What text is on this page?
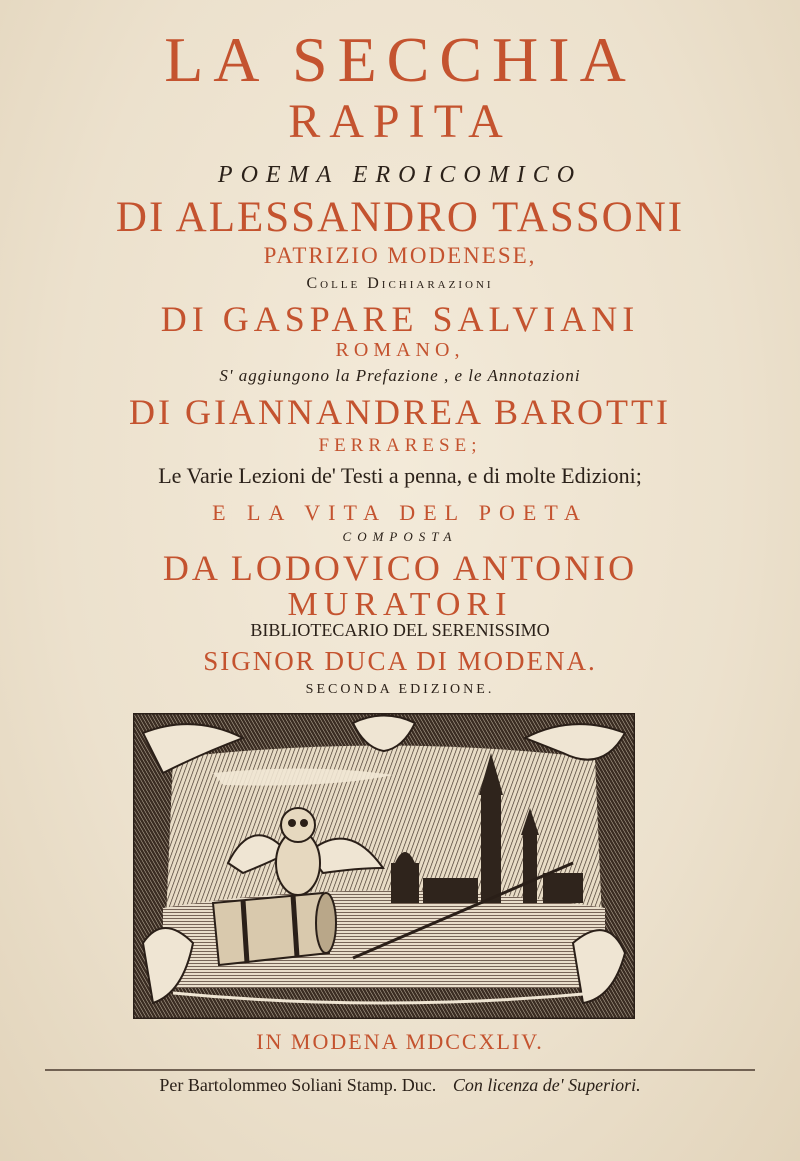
LA SECCHIA
RAPITA
POEMA EROICOMICO
DI ALESSANDRO TASSONI
PATRIZIO MODENESE,
Colle Dichiarazioni
DI GASPARE SALVIANI
ROMANO,
S' aggiungono la Prefazione , e le Annotazioni
DI GIANNANDREA BAROTTI
FERRARESE;
Le Varie Lezioni de' Testi a penna, e di molte Edizioni;
E LA VITA DEL POETA
COMPOSTA
DA LODOVICO ANTONIO
MURATORI
BIBLIOTECARIO DEL SERENISSIMO
SIGNOR DUCA DI MODENA.
SECONDA EDIZIONE.
IN MODENA MDCCXLIV.
Per Bartolommeo Soliani Stamp. Duc. Con licenza de' Superiori.
